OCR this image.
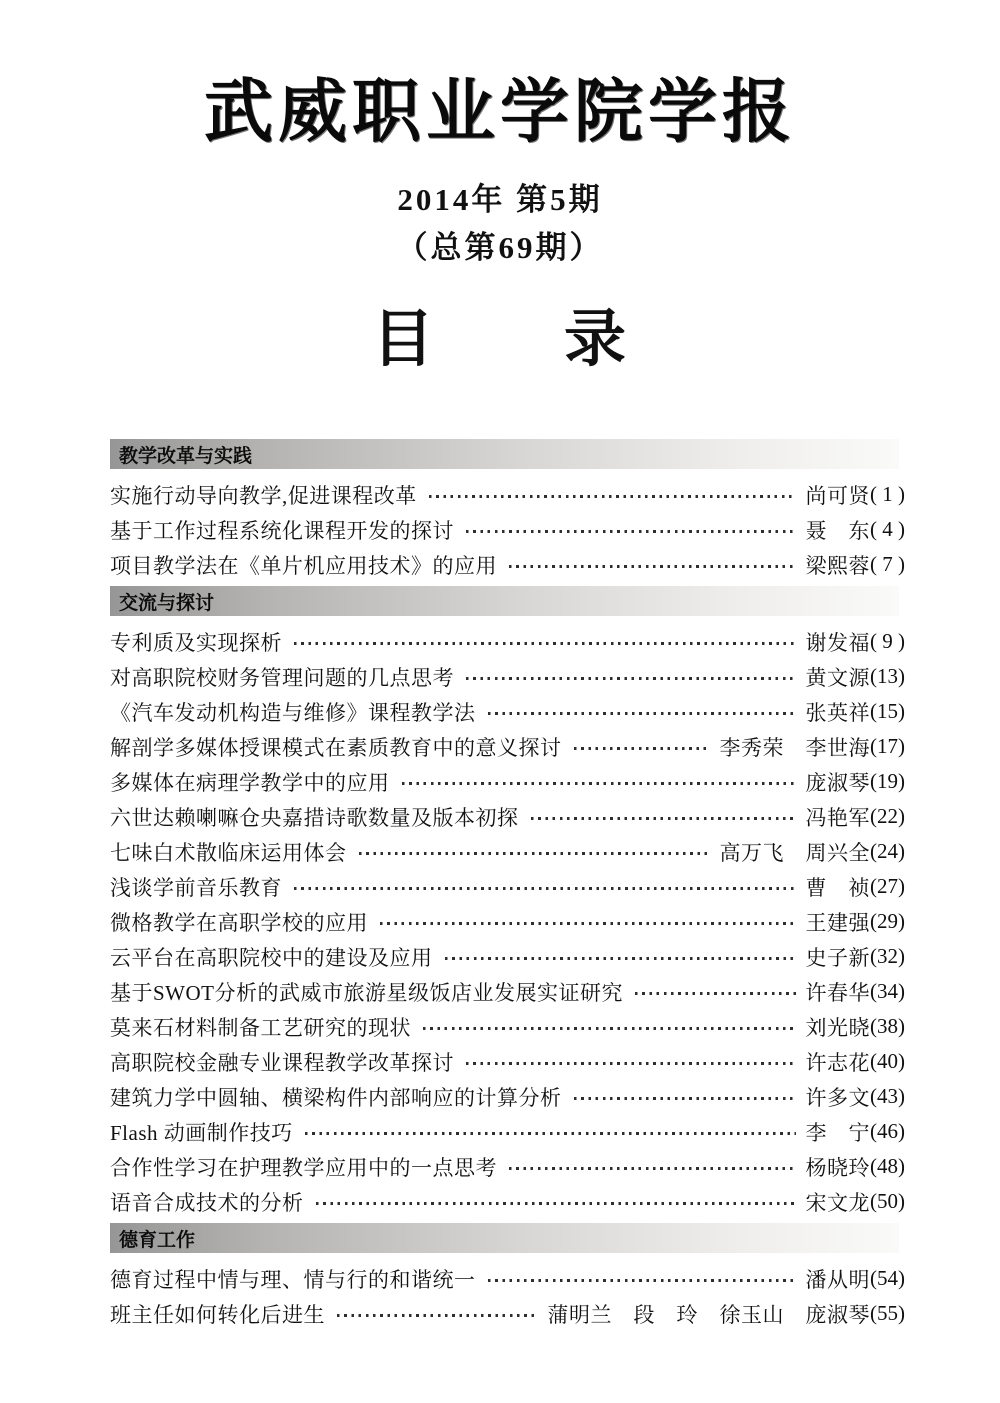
武威职业学院学报
2014年 第5期
（总第69期）
目　　录
教学改革与实践
实施行动导向教学,促进课程改革	尚可贤 ( 1 )
基于工作过程系统化课程开发的探讨	聂　东 ( 4 )
项目教学法在《单片机应用技术》的应用	梁熙蓉 ( 7 )
交流与探讨
专利质及实现探析	谢发福 ( 9 )
对高职院校财务管理问题的几点思考	黄文源 (13)
《汽车发动机构造与维修》课程教学法	张英祥 (15)
解剖学多媒体授课模式在素质教育中的意义探讨	李秀荣　李世海 (17)
多媒体在病理学教学中的应用	庞淑琴 (19)
六世达赖喇嘛仓央嘉措诗歌数量及版本初探	冯艳军 (22)
七味白术散临床运用体会	高万飞　周兴全 (24)
浅谈学前音乐教育	曹　祯 (27)
微格教学在高职学校的应用	王建强 (29)
云平台在高职院校中的建设及应用	史子新 (32)
基于SWOT分析的武威市旅游星级饭店业发展实证研究	许春华 (34)
莫来石材料制备工艺研究的现状	刘光晓 (38)
高职院校金融专业课程教学改革探讨	许志花 (40)
建筑力学中圆轴、横梁构件内部响应的计算分析	许多文 (43)
Flash 动画制作技巧	李　宁 (46)
合作性学习在护理教学应用中的一点思考	杨晓玲 (48)
语音合成技术的分析	宋文龙 (50)
德育工作
德育过程中情与理、情与行的和谐统一	潘从明 (54)
班主任如何转化后进生	蒲明兰　段　玲　徐玉山　庞淑琴 (55)
